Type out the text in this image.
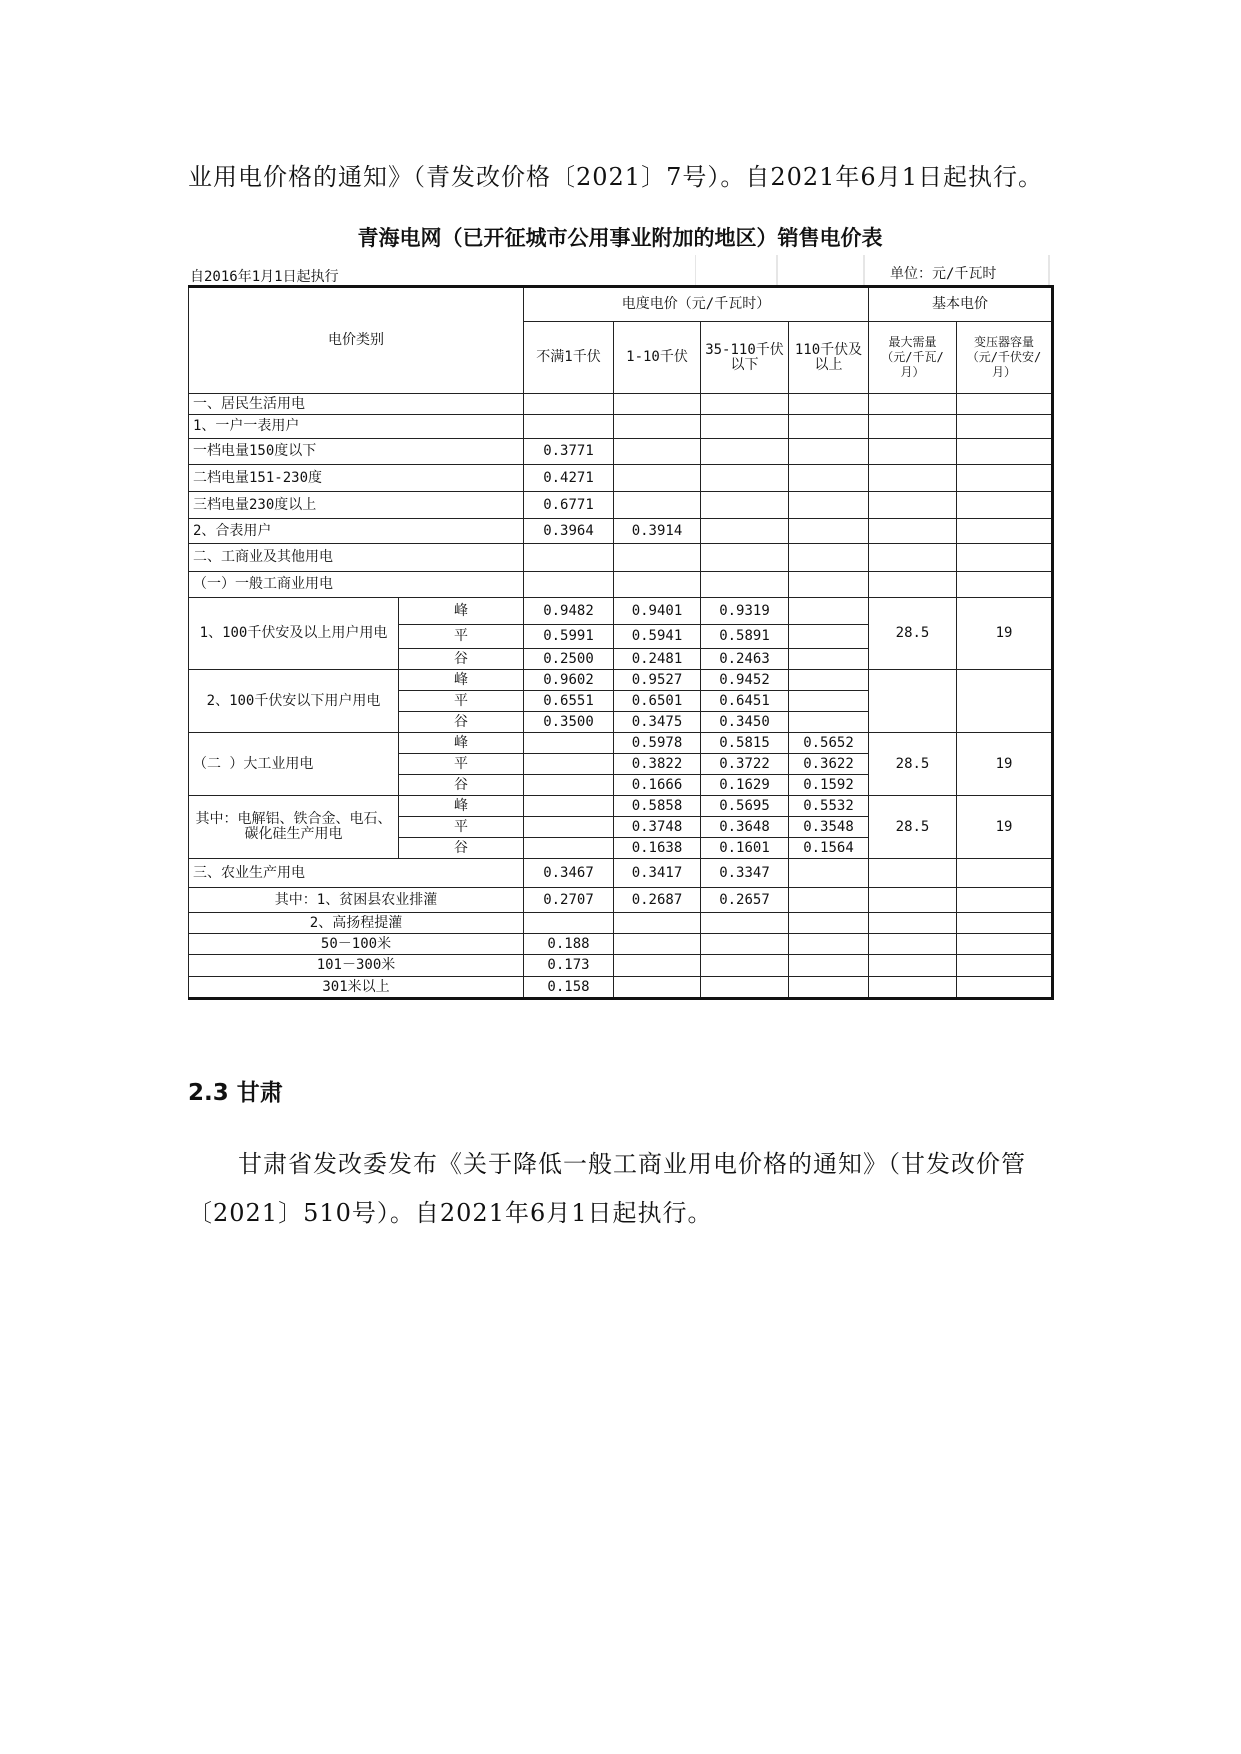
业用电价格的通知》（青发改价格〔2021〕7号）。自2021年6月1日起执行。
青海电网（已开征城市公用事业附加的地区）销售电价表
自2016年1月1日起执行	单位：元/千瓦时
电价类别		电度电价（元/千瓦时）				基本电价	
		不满1千伏	1-10千伏	35-110千伏以下	110千伏及以上	最大需量（元/千瓦/月）	变压器容量（元/千伏安/月）
一、居民生活用电							
1、一户一表用户							
一档电量150度以下		0.3771					
二档电量151-230度		0.4271					
三档电量230度以上		0.6771					
2、合表用户		0.3964	0.3914				
二、工商业及其他用电							
（一）一般工商业用电							
1、100千伏安及以上用户用电	峰	0.9482	0.9401	0.9319		28.5	19
	平	0.5991	0.5941	0.5891			
	谷	0.2500	0.2481	0.2463			
2、100千伏安以下用户用电	峰	0.9602	0.9527	0.9452			
	平	0.6551	0.6501	0.6451			
	谷	0.3500	0.3475	0.3450			
（二 ）大工业用电	峰		0.5978	0.5815	0.5652	28.5	19
	平		0.3822	0.3722	0.3622		
	谷		0.1666	0.1629	0.1592		
其中：电解铝、铁合金、电石、碳化硅生产用电	峰		0.5858	0.5695	0.5532	28.5	19
	平		0.3748	0.3648	0.3548		
	谷		0.1638	0.1601	0.1564		
三、农业生产用电		0.3467	0.3417	0.3347			
其中：1、贫困县农业排灌		0.2707	0.2687	0.2657			
2、高扬程提灌							
50－100米		0.188					
101－300米		0.173					
301米以上		0.158					
2.3 甘肃
甘肃省发改委发布《关于降低一般工商业用电价格的通知》（甘发改价管
〔2021〕510号）。自2021年6月1日起执行。
